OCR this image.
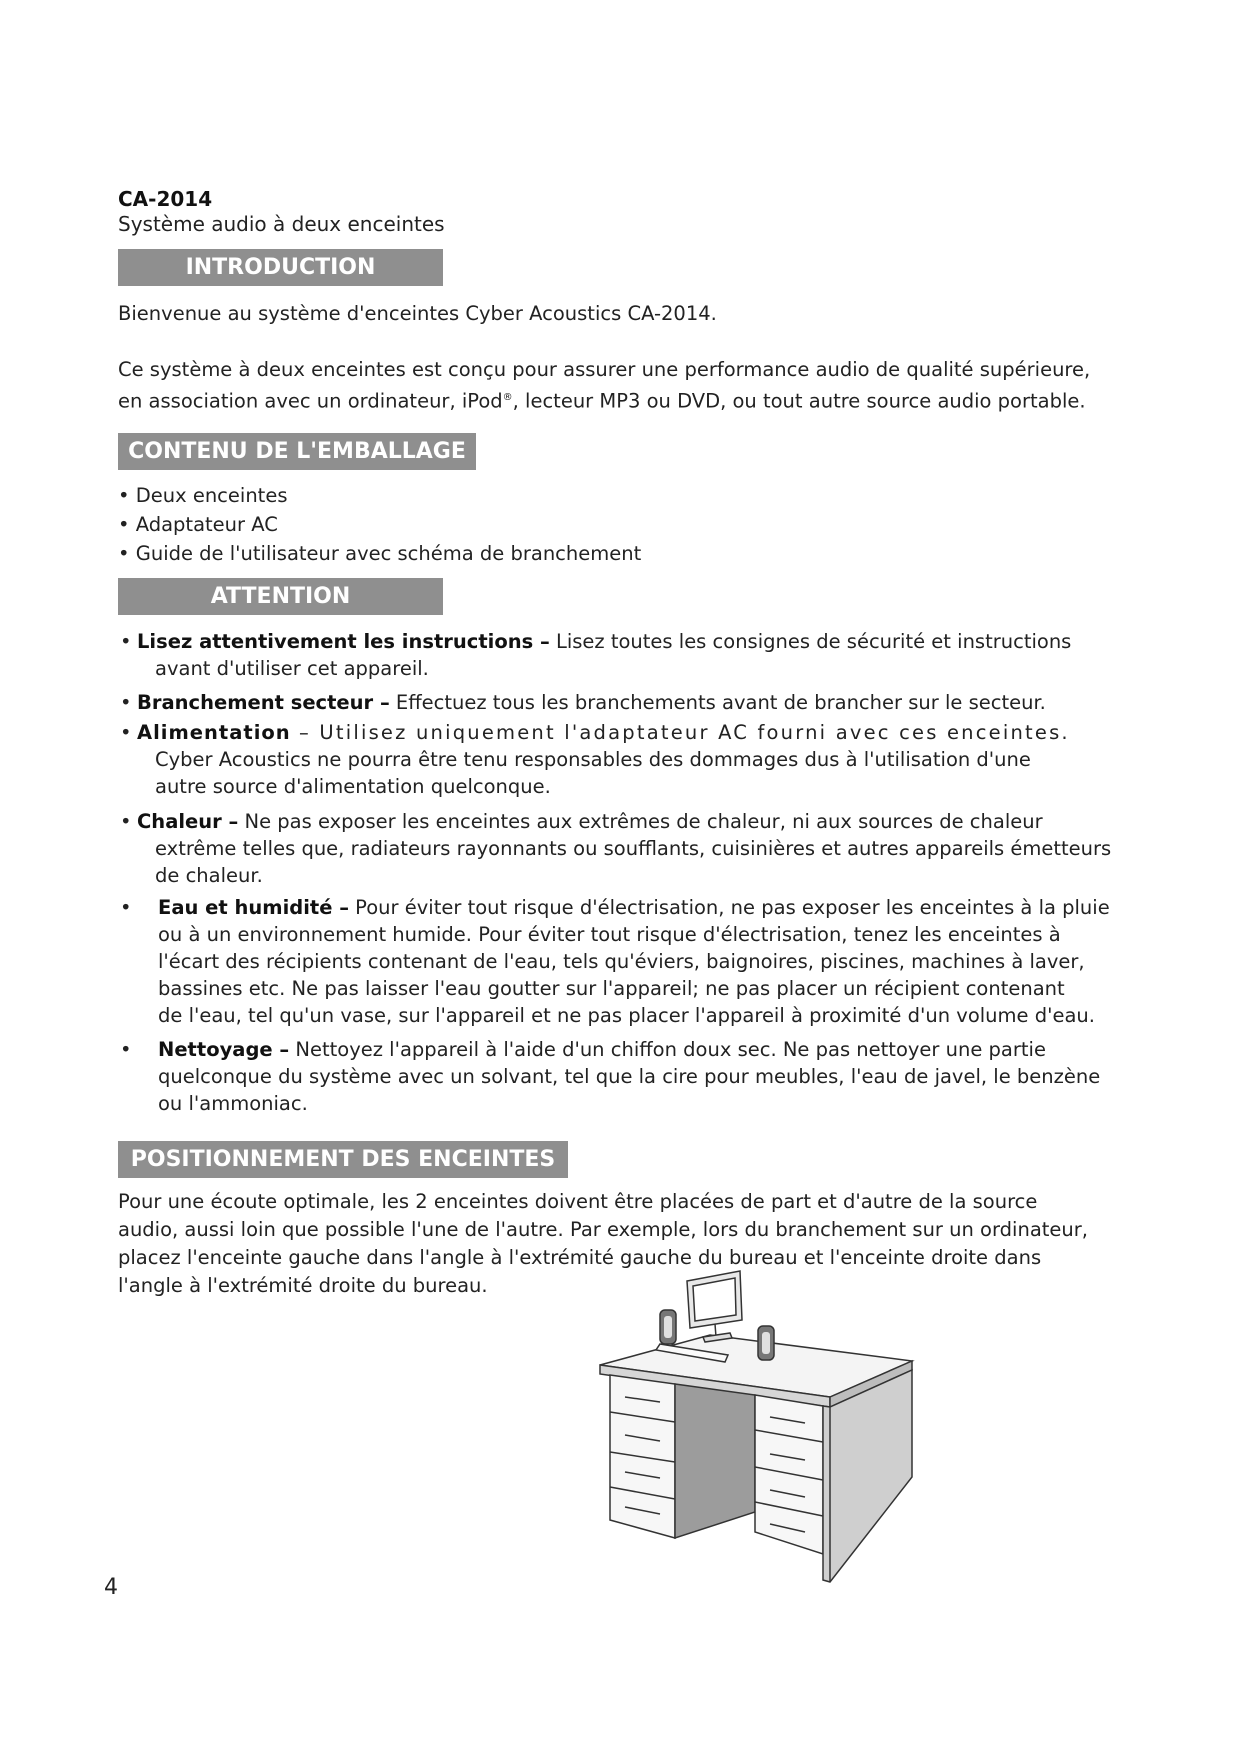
CA-2014
Système audio à deux enceintes
INTRODUCTION
Bienvenue au système d'enceintes Cyber Acoustics CA-2014.
Ce système à deux enceintes est conçu pour assurer une performance audio de qualité supérieure,
en association avec un ordinateur, iPod®, lecteur MP3 ou DVD, ou tout autre source audio portable.
CONTENU DE L'EMBALLAGE
• Deux enceintes
• Adaptateur AC
• Guide de l'utilisateur avec schéma de branchement
ATTENTION
• Lisez attentivement les instructions – Lisez toutes les consignes de sécurité et instructions
avant d'utiliser cet appareil.
• Branchement secteur – Effectuez tous les branchements avant de brancher sur le secteur.
• Alimentation – Utilisez uniquement l'adaptateur AC fourni avec ces enceintes.
Cyber Acoustics ne pourra être tenu responsables des dommages dus à l'utilisation d'une
autre source d'alimentation quelconque.
• Chaleur – Ne pas exposer les enceintes aux extrêmes de chaleur, ni aux sources de chaleur
extrême telles que, radiateurs rayonnants ou soufflants, cuisinières et autres appareils émetteurs
de chaleur.
• Eau et humidité – Pour éviter tout risque d'électrisation, ne pas exposer les enceintes à la pluie
ou à un environnement humide. Pour éviter tout risque d'électrisation, tenez les enceintes à
l'écart des récipients contenant de l'eau, tels qu'éviers, baignoires, piscines, machines à laver,
bassines etc. Ne pas laisser l'eau goutter sur l'appareil; ne pas placer un récipient contenant
de l'eau, tel qu'un vase, sur l'appareil et ne pas placer l'appareil à proximité d'un volume d'eau.
• Nettoyage – Nettoyez l'appareil à l'aide d'un chiffon doux sec. Ne pas nettoyer une partie
quelconque du système avec un solvant, tel que la cire pour meubles, l'eau de javel, le benzène
ou l'ammoniac.
POSITIONNEMENT DES ENCEINTES
Pour une écoute optimale, les 2 enceintes doivent être placées de part et d'autre de la source
audio, aussi loin que possible l'une de l'autre. Par exemple, lors du branchement sur un ordinateur,
placez l'enceinte gauche dans l'angle à l'extrémité gauche du bureau et l'enceinte droite dans
l'angle à l'extrémité droite du bureau.
4
